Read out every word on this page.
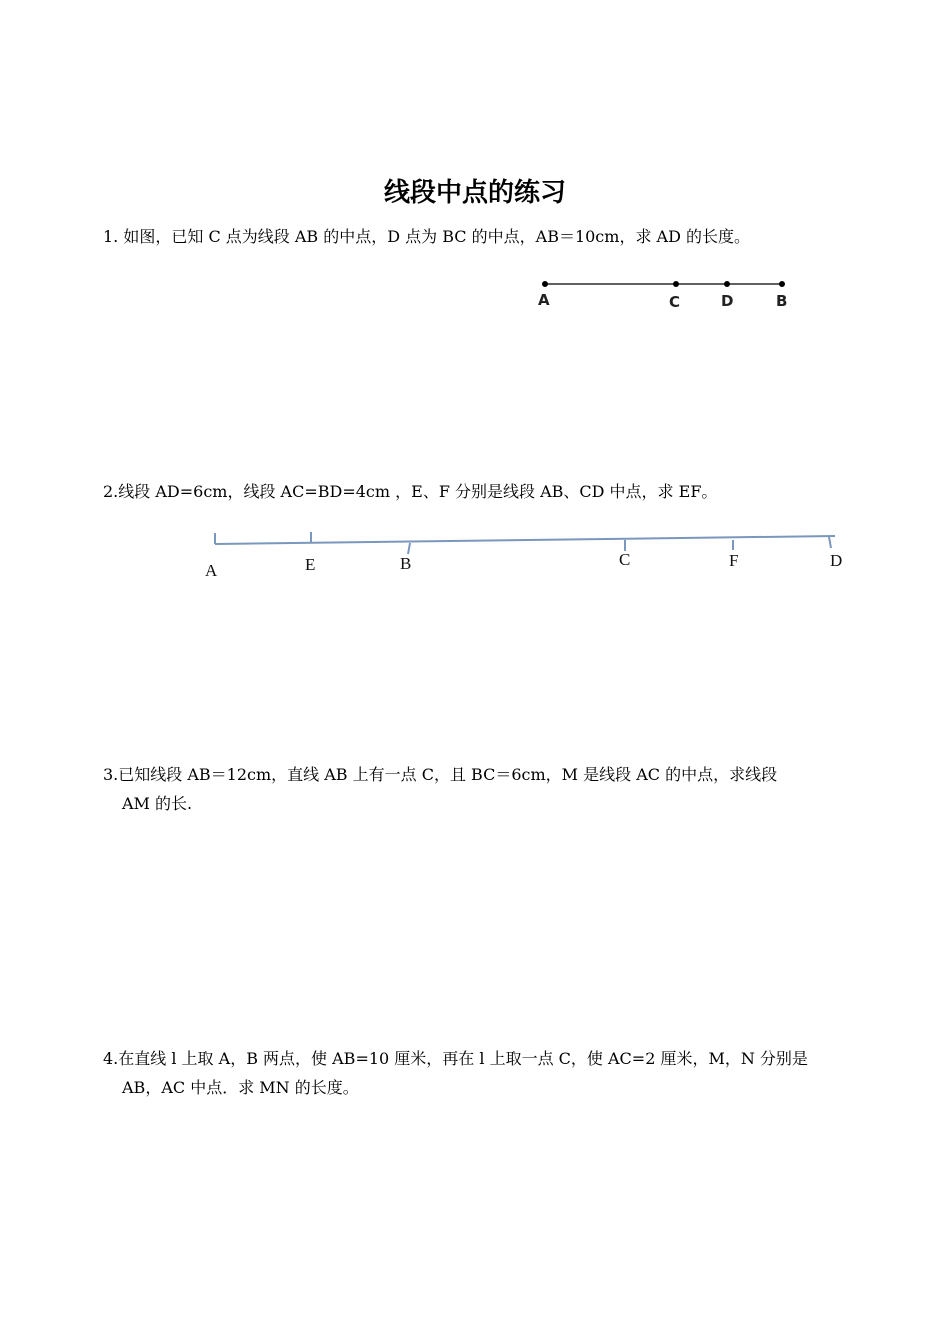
线段中点的练习
1. 如图，已知 C 点为线段 AB 的中点，D 点为 BC 的中点，AB＝10cm，求 AD 的长度。
A	C	D	B
2.线段 AD=6cm，线段 AC=BD=4cm ，E、F 分别是线段 AB、CD 中点，求 EF。
A	E	B	C	F	D
3.已知线段 AB＝12cm，直线 AB 上有一点 C，且 BC＝6cm，M 是线段 AC 的中点，求线段
AM 的长.
4.在直线 l 上取 A，B 两点，使 AB=10 厘米，再在 l 上取一点 C，使 AC=2 厘米，M，N 分别是
AB，AC 中点．求 MN 的长度。
